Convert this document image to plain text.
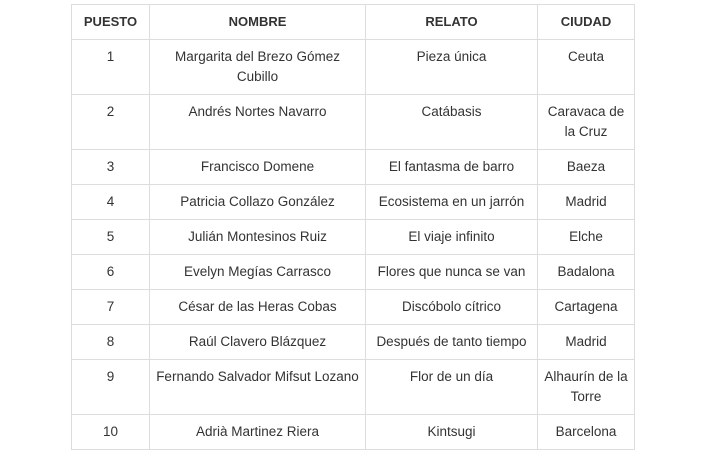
PUESTO	NOMBRE	RELATO	CIUDAD
1	Margarita del Brezo Gómez Cubillo	Pieza única	Ceuta
2	Andrés Nortes Navarro	Catábasis	Caravaca de la Cruz
3	Francisco Domene	El fantasma de barro	Baeza
4	Patricia Collazo González	Ecosistema en un jarrón	Madrid
5	Julián Montesinos Ruiz	El viaje infinito	Elche
6	Evelyn Megías Carrasco	Flores que nunca se van	Badalona
7	César de las Heras Cobas	Discóbolo cítrico	Cartagena
8	Raúl Clavero Blázquez	Después de tanto tiempo	Madrid
9	Fernando Salvador Mifsut Lozano	Flor de un día	Alhaurín de la Torre
10	Adrià Martinez Riera	Kintsugi	Barcelona
